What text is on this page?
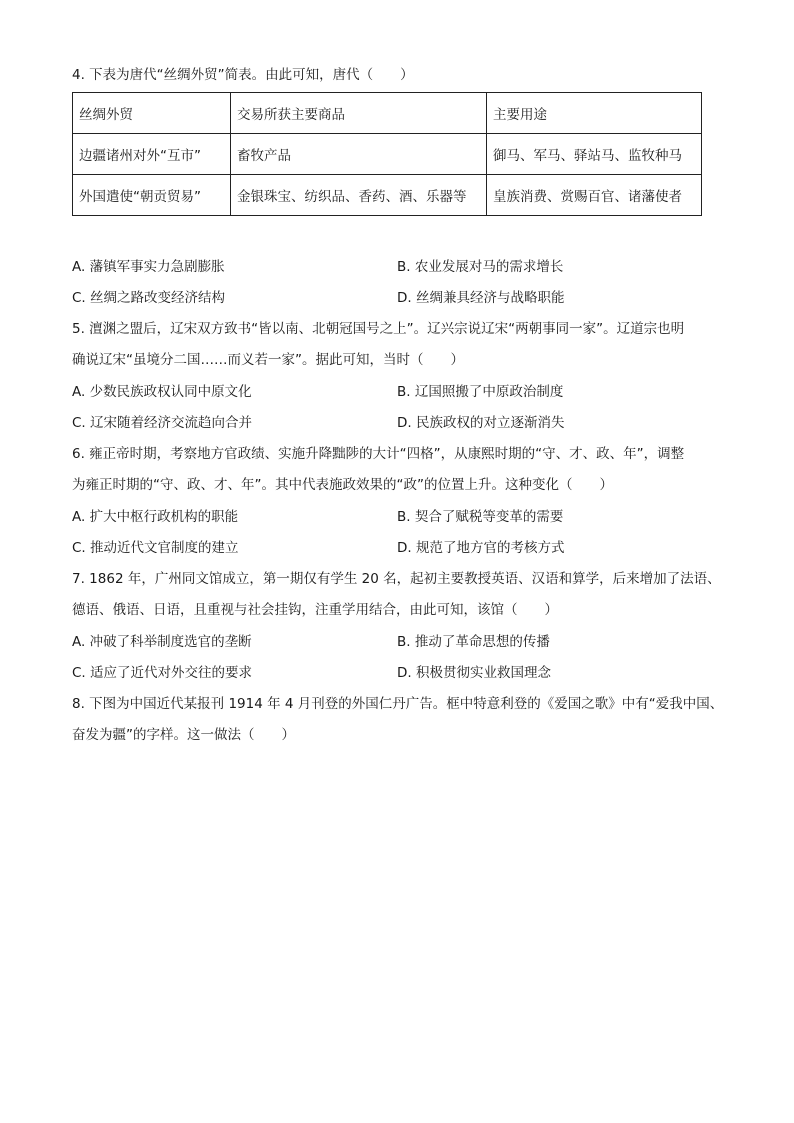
4. 下表为唐代“丝绸外贸”简表。由此可知，唐代（　　）
丝绸外贸	交易所获主要商品	主要用途
边疆诸州对外“互市”	畜牧产品	御马、军马、驿站马、监牧种马
外国遣使“朝贡贸易”	金银珠宝、纺织品、香药、酒、乐器等	皇族消费、赏赐百官、诸藩使者
A. 藩镇军事实力急剧膨胀	B. 农业发展对马的需求增长
C. 丝绸之路改变经济结构	D. 丝绸兼具经济与战略职能
5. 澶渊之盟后，辽宋双方致书“皆以南、北朝冠国号之上”。辽兴宗说辽宋“两朝事同一家”。辽道宗也明
确说辽宋“虽境分二国……而义若一家”。据此可知，当时（　　）
A. 少数民族政权认同中原文化	B. 辽国照搬了中原政治制度
C. 辽宋随着经济交流趋向合并	D. 民族政权的对立逐渐消失
6. 雍正帝时期，考察地方官政绩、实施升降黜陟的大计“四格”，从康熙时期的“守、才、政、年”，调整
为雍正时期的“守、政、才、年”。其中代表施政效果的“政”的位置上升。这种变化（　　）
A. 扩大中枢行政机构的职能	B. 契合了赋税等变革的需要
C. 推动近代文官制度的建立	D. 规范了地方官的考核方式
7. 1862 年，广州同文馆成立，第一期仅有学生 20 名，起初主要教授英语、汉语和算学，后来增加了法语、
德语、俄语、日语，且重视与社会挂钩，注重学用结合，由此可知，该馆（　　）
A. 冲破了科举制度选官的垄断	B. 推动了革命思想的传播
C. 适应了近代对外交往的要求	D. 积极贯彻实业救国理念
8. 下图为中国近代某报刊 1914 年 4 月刊登的外国仁丹广告。框中特意利登的《爱国之歌》中有“爱我中国、
奋发为疆”的字样。这一做法（　　）
